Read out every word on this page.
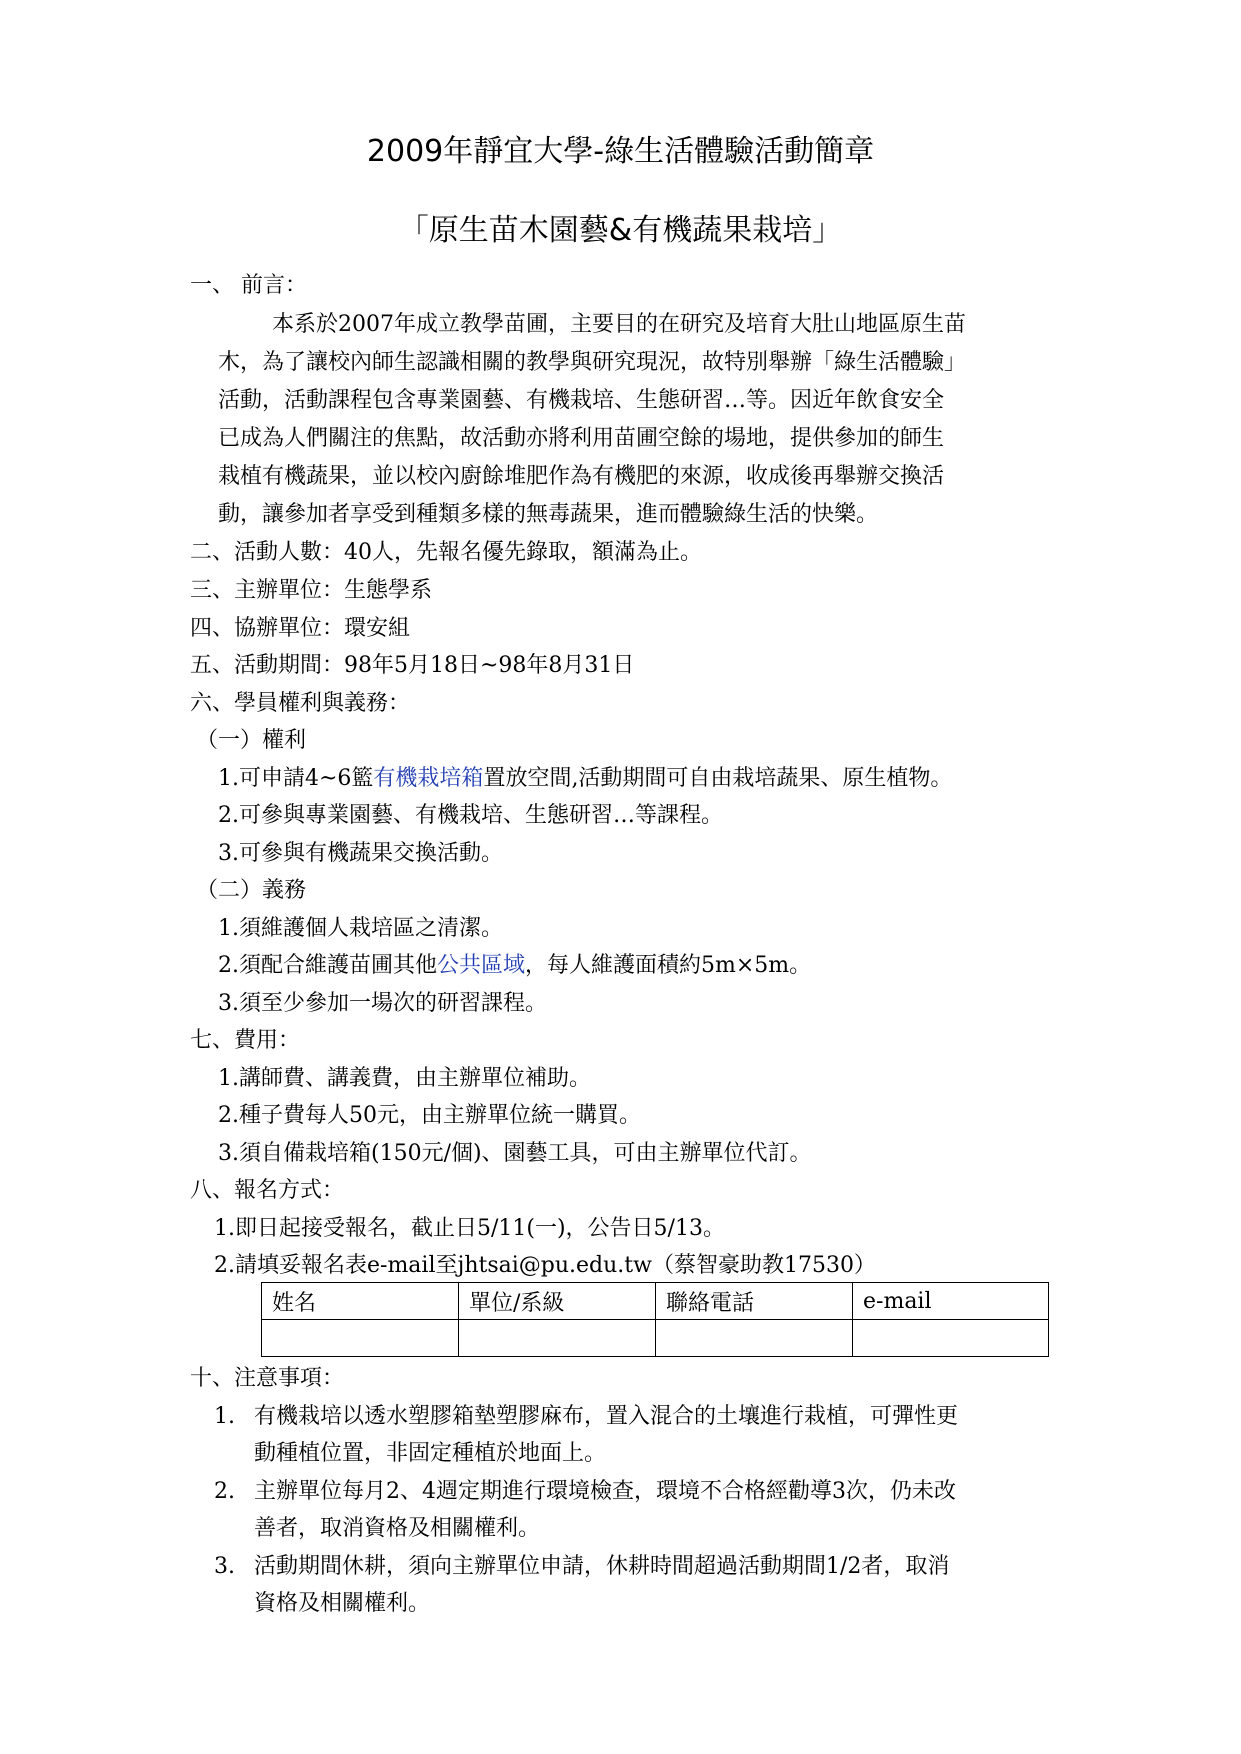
2009年靜宜大學-綠生活體驗活動簡章
「原生苗木園藝&有機蔬果栽培」
一、 前言：
本系於2007年成立教學苗圃，主要目的在研究及培育大肚山地區原生苗
木，為了讓校內師生認識相關的教學與研究現況，故特別舉辦「綠生活體驗」
活動，活動課程包含專業園藝、有機栽培、生態研習…等。因近年飲食安全
已成為人們關注的焦點，故活動亦將利用苗圃空餘的場地，提供參加的師生
栽植有機蔬果，並以校內廚餘堆肥作為有機肥的來源，收成後再舉辦交換活
動，讓參加者享受到種類多樣的無毒蔬果，進而體驗綠生活的快樂。
二、活動人數：40人，先報名優先錄取，額滿為止。
三、主辦單位：生態學系
四、協辦單位：環安組
五、活動期間：98年5月18日~98年8月31日
六、學員權利與義務：
（一）權利
1.可申請4~6籃有機栽培箱置放空間,活動期間可自由栽培蔬果、原生植物。
2.可參與專業園藝、有機栽培、生態研習…等課程。
3.可參與有機蔬果交換活動。
（二）義務
1.須維護個人栽培區之清潔。
2.須配合維護苗圃其他公共區域，每人維護面積約5m×5m。
3.須至少參加一場次的研習課程。
七、費用：
1.講師費、講義費，由主辦單位補助。
2.種子費每人50元，由主辦單位統一購買。
3.須自備栽培箱(150元/個)、園藝工具，可由主辦單位代訂。
八、報名方式：
1.即日起接受報名，截止日5/11(一)，公告日5/13。
2.請填妥報名表e-mail至jhtsai@pu.edu.tw（蔡智豪助教17530）
姓名	單位/系級	聯絡電話	e-mail

十、注意事項：
1. 有機栽培以透水塑膠箱墊塑膠麻布，置入混合的土壤進行栽植，可彈性更
動種植位置，非固定種植於地面上。
2. 主辦單位每月2、4週定期進行環境檢查，環境不合格經勸導3次，仍未改
善者，取消資格及相關權利。
3. 活動期間休耕，須向主辦單位申請，休耕時間超過活動期間1/2者，取消
資格及相關權利。
